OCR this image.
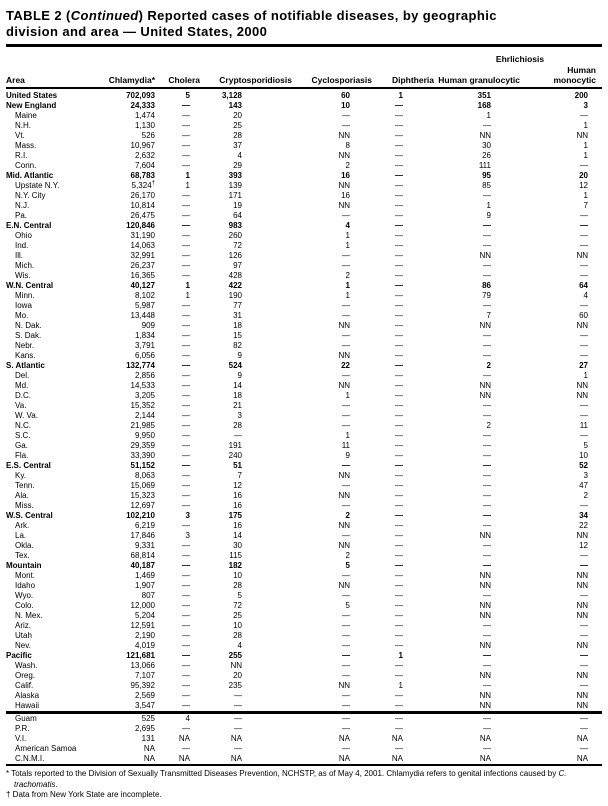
TABLE 2 (Continued) Reported cases of notifiable diseases, by geographic
division and area — United States, 2000
						Ehrlichiosis	
Area	Chlamydia*	Cholera	Cryptosporidiosis	Cyclosporiasis	Diphtheria	Human granulocytic	Human monocytic
United States	702,093	5	3,128	60	1	351	200
New England	24,333	—	143	10	—	168	3
Maine	1,474	—	20	—	—	1	—
N.H.	1,130	—	25	—	—	—	1
Vt.	526	—	28	NN	—	NN	NN
Mass.	10,967	—	37	8	—	30	1
R.I.	2,632	—	4	NN	—	26	1
Conn.	7,604	—	29	2	—	111	—
Mid. Atlantic	68,783	1	393	16	—	95	20
Upstate N.Y.	5,324†	1	139	NN	—	85	12
N.Y. City	26,170	—	171	16	—	—	1
N.J.	10,814	—	19	NN	—	1	7
Pa.	26,475	—	64	—	—	9	—
E.N. Central	120,846	—	983	4	—	—	—
Ohio	31,190	—	260	1	—	—	—
Ind.	14,063	—	72	1	—	—	—
Ill.	32,991	—	126	—	—	NN	NN
Mich.	26,237	—	97	—	—	—	—
Wis.	16,365	—	428	2	—	—	—
W.N. Central	40,127	1	422	1	—	86	64
Minn.	8,102	1	190	1	—	79	4
Iowa	5,987	—	77	—	—	—	—
Mo.	13,448	—	31	—	—	7	60
N. Dak.	909	—	18	NN	—	NN	NN
S. Dak.	1,834	—	15	—	—	—	—
Nebr.	3,791	—	82	—	—	—	—
Kans.	6,056	—	9	NN	—	—	—
S. Atlantic	132,774	—	524	22	—	2	27
Del.	2,856	—	9	—	—	—	1
Md.	14,533	—	14	NN	—	NN	NN
D.C.	3,205	—	18	1	—	NN	NN
Va.	15,352	—	21	—	—	—	—
W. Va.	2,144	—	3	—	—	—	—
N.C.	21,985	—	28	—	—	2	11
S.C.	9,950	—	—	1	—	—	—
Ga.	29,359	—	191	11	—	—	5
Fla.	33,390	—	240	9	—	—	10
E.S. Central	51,152	—	51	—	—	—	52
Ky.	8,063	—	7	NN	—	—	3
Tenn.	15,069	—	12	—	—	—	47
Ala.	15,323	—	16	NN	—	—	2
Miss.	12,697	—	16	—	—	—	—
W.S. Central	102,210	3	175	2	—	—	34
Ark.	6,219	—	16	NN	—	—	22
La.	17,846	3	14	—	—	NN	NN
Okla.	9,331	—	30	NN	—	—	12
Tex.	68,814	—	115	2	—	—	—
Mountain	40,187	—	182	5	—	—	—
Mont.	1,469	—	10	—	—	NN	NN
Idaho	1,907	—	28	NN	—	NN	NN
Wyo.	807	—	5	—	—	—	—
Colo.	12,000	—	72	5	—	NN	NN
N. Mex.	5,204	—	25	—	—	NN	NN
Ariz.	12,591	—	10	—	—	—	—
Utah	2,190	—	28	—	—	—	—
Nev.	4,019	—	4	—	—	NN	NN
Pacific	121,681	—	255	—	1	—	—
Wash.	13,066	—	NN	—	—	—	—
Oreg.	7,107	—	20	—	—	NN	NN
Calif.	95,392	—	235	NN	1	—	—
Alaska	2,569	—	—	—	—	NN	NN
Hawaii	3,547	—	—	—	—	NN	NN
Guam	525	4	—	—	—	—	—
P.R.	2,695	—	—	—	—	—	—
V.I.	131	NA	NA	NA	NA	NA	NA
American Samoa	NA	—	—	—	—	—	—
C.N.M.I.	NA	NA	NA	NA	NA	NA	NA
* Totals reported to the Division of Sexually Transmitted Diseases Prevention, NCHSTP, as of May 4, 2001. Chlamydia refers to genital infections caused by C. trachomatis.
† Data from New York State are incomplete.
